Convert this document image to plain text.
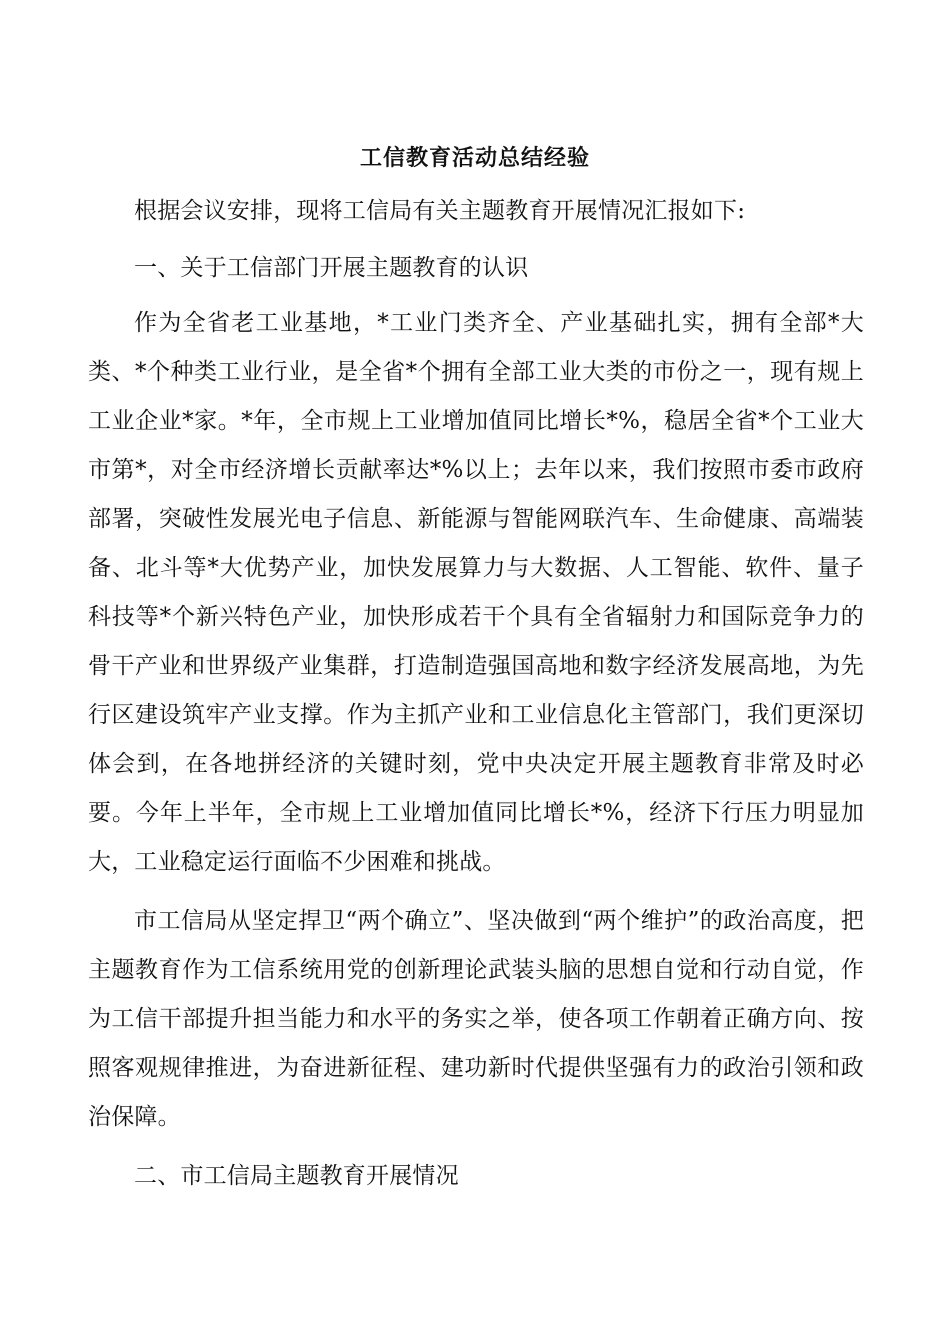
工信教育活动总结经验

根据会议安排，现将工信局有关主题教育开展情况汇报如下:

一、关于工信部门开展主题教育的认识

作为全省老工业基地，*工业门类齐全、产业基础扎实，拥有全部*大类、*个种类工业行业，是全省*个拥有全部工业大类的市份之一，现有规上工业企业*家。*年，全市规上工业增加值同比增长*%，稳居全省*个工业大市第*，对全市经济增长贡献率达*%以上；去年以来，我们按照市委市政府部署，突破性发展光电子信息、新能源与智能网联汽车、生命健康、高端装备、北斗等*大优势产业，加快发展算力与大数据、人工智能、软件、量子科技等*个新兴特色产业，加快形成若干个具有全省辐射力和国际竞争力的骨干产业和世界级产业集群，打造制造强国高地和数字经济发展高地，为先行区建设筑牢产业支撑。作为主抓产业和工业信息化主管部门，我们更深切体会到，在各地拼经济的关键时刻，党中央决定开展主题教育非常及时必要。今年上半年，全市规上工业增加值同比增长*%，经济下行压力明显加大，工业稳定运行面临不少困难和挑战。

市工信局从坚定捍卫“两个确立”、坚决做到“两个维护”的政治高度，把主题教育作为工信系统用党的创新理论武装头脑的思想自觉和行动自觉，作为工信干部提升担当能力和水平的务实之举，使各项工作朝着正确方向、按照客观规律推进，为奋进新征程、建功新时代提供坚强有力的政治引领和政治保障。

二、市工信局主题教育开展情况
